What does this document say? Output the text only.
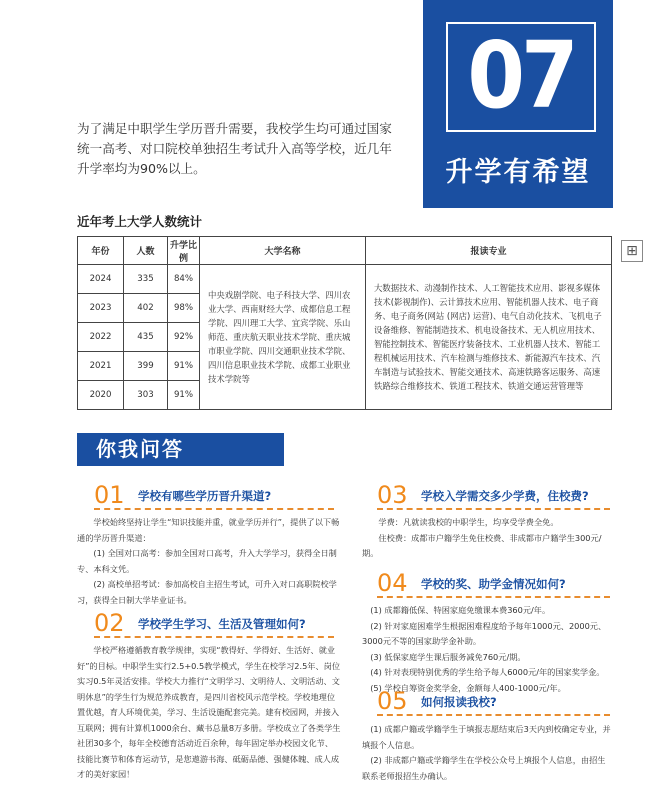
07
升学有希望
为了满足中职学生学历晋升需要，我校学生均可通过国家统一高考、对口院校单独招生考试升入高等学校，近几年升学率均为90%以上。
近年考上大学人数统计
⊞
年份	人数	升学比例	大学名称	报读专业
2024	335	84%	中央戏剧学院、电子科技大学、四川农业大学、西南财经大学、成都信息工程学院、四川理工大学、宜宾学院、乐山师范、重庆航天职业技术学院、重庆城市职业学院、四川交通职业技术学院、四川信息职业技术学院、成都工业职业技术学院等	大数据技术、动漫制作技术、人工智能技术应用、影视多媒体技术(影视制作)、云计算技术应用、智能机器人技术、电子商务、电子商务(网站 (网店) 运营)、电气自动化技术、飞机电子设备维修、智能制造技术、机电设备技术、无人机应用技术、智能控制技术、智能医疗装备技术、工业机器人技术、智能工程机械运用技术、汽车检测与维修技术、新能源汽车技术、汽车制造与试验技术、智能交通技术、高速铁路客运服务、高速铁路综合维修技术、铁道工程技术、铁道交通运营管理等
2023	402	98%		
2022	435	92%		
2021	399	91%		
2020	303	91%		
你我问答
01	学校有哪些学历晋升渠道?

学校始终坚持让学生“知识技能并重，就业学历并行”，提供了以下畅通的学历晋升渠道：

(1) 全国对口高考：参加全国对口高考，升入大学学习，获得全日制专、本科文凭。

(2) 高校单招考试：参加高校自主招生考试，可升入对口高职院校学习，获得全日制大学毕业证书。

02	学校学生学习、生活及管理如何?

学校严格遵循教育教学规律，实现“教得好、学得好、生活好、就业好”的目标。中职学生实行2.5+0.5教学模式，学生在校学习2.5年、岗位实习0.5年灵活安排。学校大力推行“文明学习、文明待人、文明活动、文明休息”的学生行为规范养成教育，是四川省校风示范学校。学校地理位置优越，育人环境优美，学习、生活设施配套完美。建有校园网，并接入互联网；拥有计算机1000余台、藏书总量8万多册。学校成立了各类学生社团30多个，每年全校德育活动近百余种，每年固定举办校园文化节、技能比赛节和体育运动节，是您遨游书海、砥砺品德、强健体魄、成人成才的美好家园！

03	学校入学需交多少学费，住校费?

学费：凡就读我校的中职学生，均享受学费全免。

住校费：成都市户籍学生免住校费、非成都市户籍学生300元/期。

04	学校的奖、助学金情况如何?

(1) 成都籍低保、特困家庭免缴课本费360元/年。

(2) 针对家庭困难学生根据困难程度给予每年1000元、2000元、3000元不等的国家助学金补助。

(3) 低保家庭学生课后服务减免760元/期。

(4) 针对表现特别优秀的学生给予每人6000元/年的国家奖学金。

(5) 学校自筹资金奖学金，金额每人400-1000元/年。

05	如何报读我校?

(1) 成都户籍或学籍学生于填报志愿结束后3天内到校确定专业，并填报个人信息。

(2) 非成都户籍或学籍学生在学校公众号上填报个人信息，由招生联系老师报招生办确认。
